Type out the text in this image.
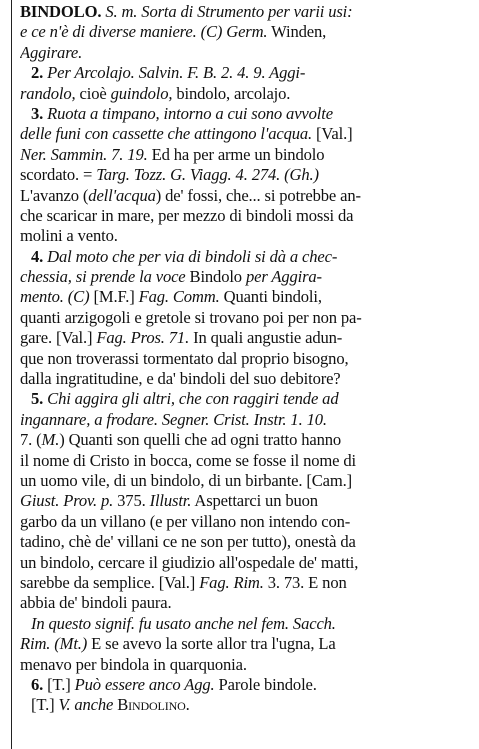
BINDOLO. S. m. Sorta di Strumento per varii usi:
e ce n'è di diverse maniere. (C) Germ. Winden,
Aggirare.
2. Per Arcolajo. Salvin. F. B. 2. 4. 9. Aggi-
randolo, cioè guindolo, bindolo, arcolajo.
3. Ruota a timpano, intorno a cui sono avvolte
delle funi con cassette che attingono l'acqua. [Val.]
Ner. Sammin. 7. 19. Ed ha per arme un bindolo
scordato. = Targ. Tozz. G. Viagg. 4. 274. (Gh.)
L'avanzo (dell'acqua) de' fossi, che... si potrebbe an-
che scaricar in mare, per mezzo di bindoli mossi da
molini a vento.
4. Dal moto che per via di bindoli si dà a chec-
chessia, si prende la voce Bindolo per Aggira-
mento. (C) [M.F.] Fag. Comm. Quanti bindoli,
quanti arzigogoli e gretole si trovano poi per non pa-
gare. [Val.] Fag. Pros. 71. In quali angustie adun-
que non troverassi tormentato dal proprio bisogno,
dalla ingratitudine, e da' bindoli del suo debitore?
5. Chi aggira gli altri, che con raggiri tende ad
ingannare, a frodare. Segner. Crist. Instr. 1. 10.
7. (M.) Quanti son quelli che ad ogni tratto hanno
il nome di Cristo in bocca, come se fosse il nome di
un uomo vile, di un bindolo, di un birbante. [Cam.]
Giust. Prov. p. 375. Illustr. Aspettarci un buon
garbo da un villano (e per villano non intendo con-
tadino, chè de' villani ce ne son per tutto), onestà da
un bindolo, cercare il giudizio all'ospedale de' matti,
sarebbe da semplice. [Val.] Fag. Rim. 3. 73. E non
abbia de' bindoli paura.
In questo signif. fu usato anche nel fem. Sacch.
Rim. (Mt.) E se avevo la sorte allor tra l'ugna, La
menavo per bindola in quarquonia.
6. [T.] Può essere anco Agg. Parole bindole.
[T.] V. anche Bindolino.
